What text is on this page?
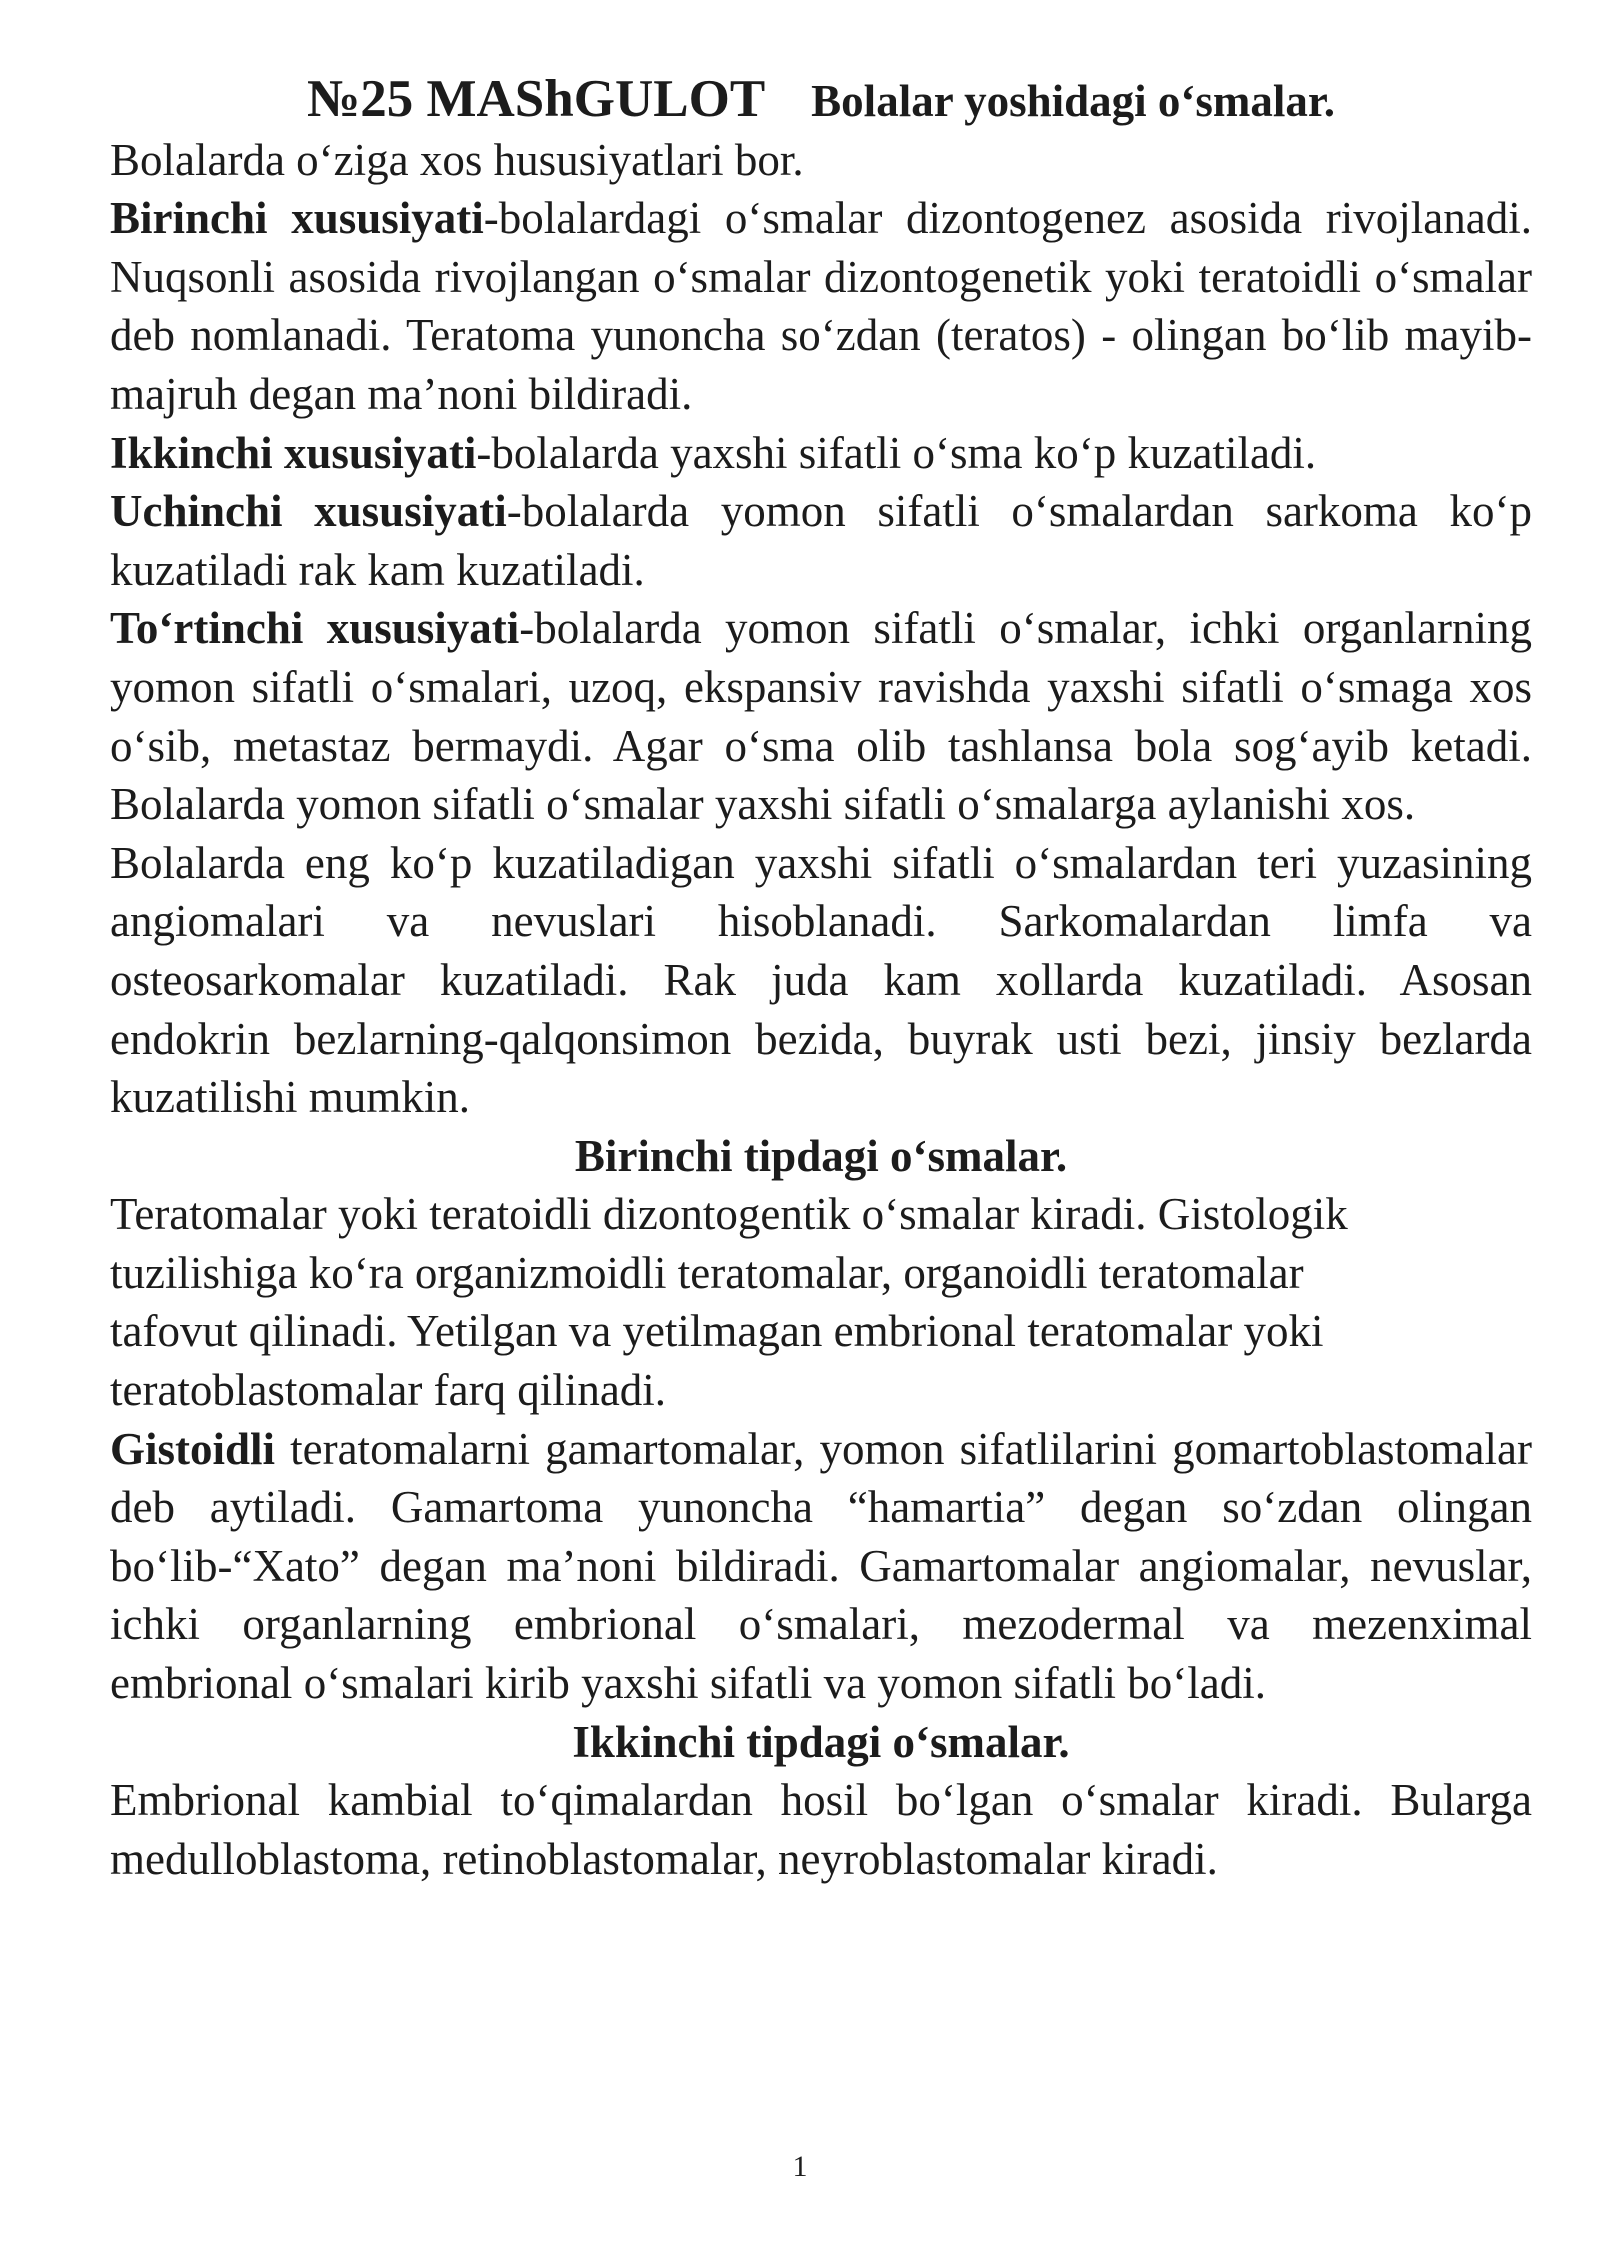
№25 MAShGULOT Bolalar yoshidagi o‘smalar.

Bolalarda o‘ziga xos hususiyatlari bor.

Birinchi xususiyati-bolalardagi o‘smalar dizontogenez asosida rivojlanadi. Nuqsonli asosida rivojlangan o‘smalar dizontogenetik yoki teratoidli o‘smalar deb nomlanadi. Teratoma yunoncha so‘zdan (teratos) - olingan bo‘lib mayib-majruh degan ma’noni bildiradi.

Ikkinchi xususiyati-bolalarda yaxshi sifatli o‘sma ko‘p kuzatiladi.

Uchinchi xususiyati-bolalarda yomon sifatli o‘smalardan sarkoma ko‘p kuzatiladi rak kam kuzatiladi.

To‘rtinchi xususiyati-bolalarda yomon sifatli o‘smalar, ichki organlarning yomon sifatli o‘smalari, uzoq, ekspansiv ravishda yaxshi sifatli o‘smaga xos o‘sib, metastaz bermaydi. Agar o‘sma olib tashlansa bola sog‘ayib ketadi. Bolalarda yomon sifatli o‘smalar yaxshi sifatli o‘smalarga aylanishi xos.

Bolalarda eng ko‘p kuzatiladigan yaxshi sifatli o‘smalardan teri yuzasining angiomalari va nevuslari hisoblanadi. Sarkomalardan limfa va osteosarkomalar kuzatiladi. Rak juda kam xollarda kuzatiladi. Asosan endokrin bezlarning-qalqonsimon bezida, buyrak usti bezi, jinsiy bezlarda kuzatilishi mumkin.

Birinchi tipdagi o‘smalar.

Teratomalar yoki teratoidli dizontogentik o‘smalar kiradi. Gistologik
tuzilishiga ko‘ra organizmoidli teratomalar, organoidli teratomalar
tafovut qilinadi. Yetilgan va yetilmagan embrional teratomalar yoki
teratoblastomalar farq qilinadi.

Gistoidli teratomalarni gamartomalar, yomon sifatlilarini gomartoblastomalar deb aytiladi. Gamartoma yunoncha “hamartia” degan so‘zdan olingan bo‘lib-“Xato” degan ma’noni bildiradi. Gamartomalar angiomalar, nevuslar, ichki organlarning embrional o‘smalari, mezodermal va mezenximal embrional o‘smalari kirib yaxshi sifatli va yomon sifatli bo‘ladi.

Ikkinchi tipdagi o‘smalar.

Embrional kambial to‘qimalardan hosil bo‘lgan o‘smalar kiradi. Bularga medulloblastoma, retinoblastomalar, neyroblastomalar kiradi.

1
